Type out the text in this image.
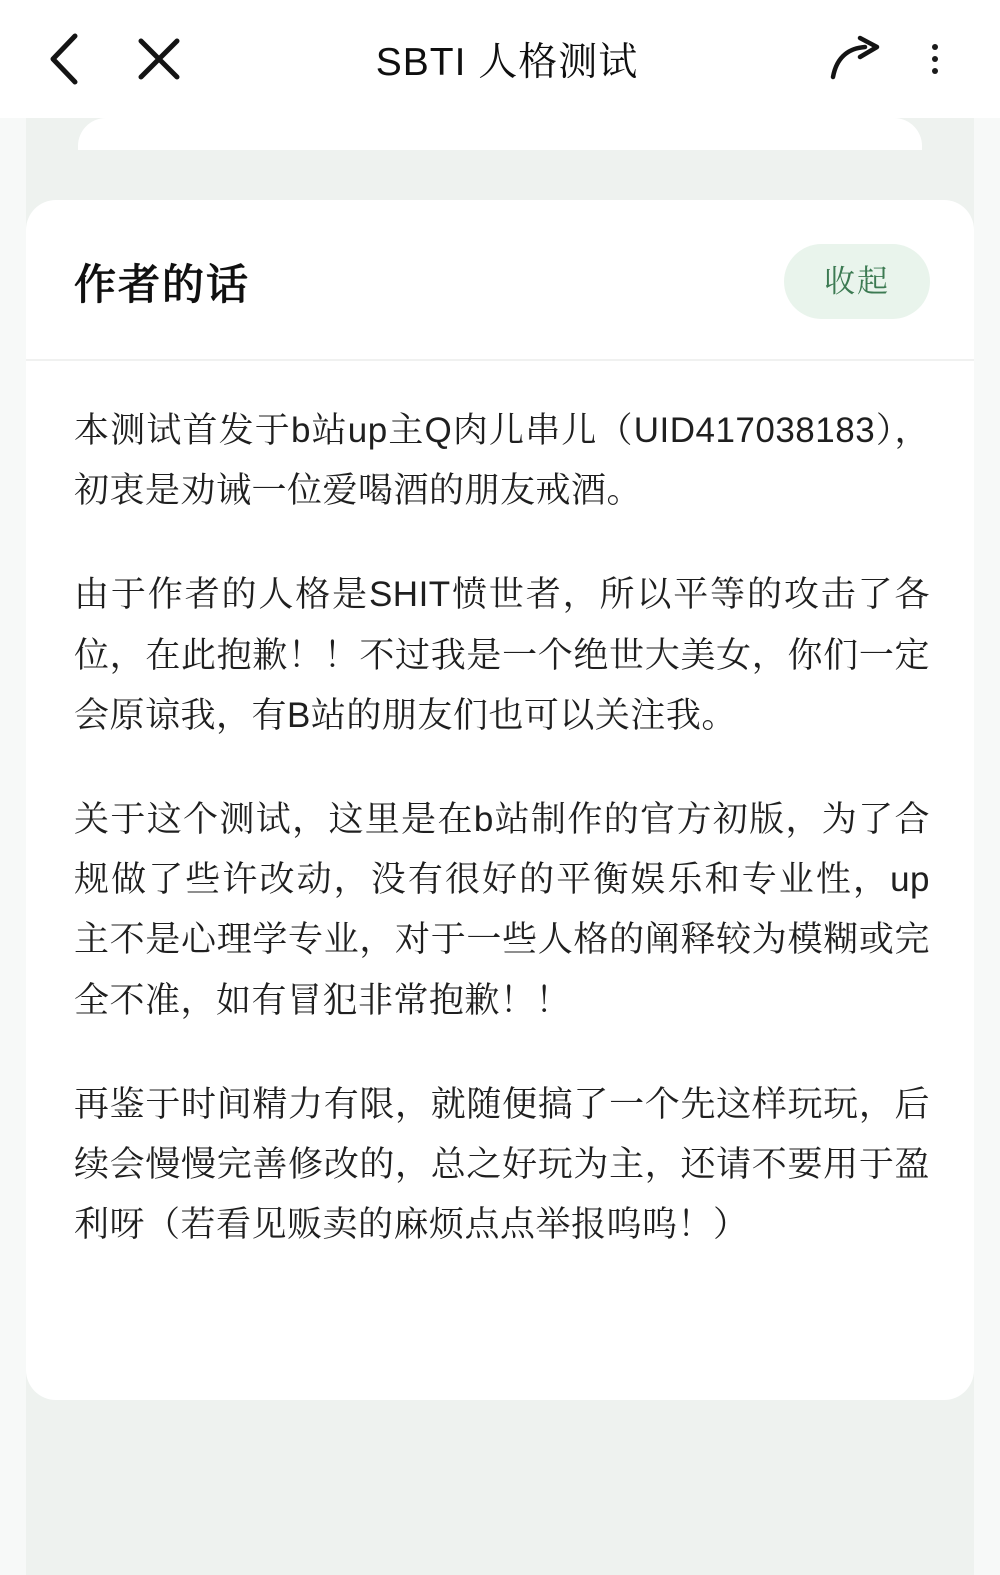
SBTI 人格测试
作者的话	收起

本测试首发于b站up主Q肉儿串儿（UID417038183），初衷是劝诫一位爱喝酒的朋友戒酒。

由于作者的人格是SHIT愤世者，所以平等的攻击了各位，在此抱歉！！不过我是一个绝世大美女，你们一定会原谅我，有B站的朋友们也可以关注我。

关于这个测试，这里是在b站制作的官方初版，为了合规做了些许改动，没有很好的平衡娱乐和专业性，up主不是心理学专业，对于一些人格的阐释较为模糊或完全不准，如有冒犯非常抱歉！！

再鉴于时间精力有限，就随便搞了一个先这样玩玩，后续会慢慢完善修改的，总之好玩为主，还请不要用于盈利呀（若看见贩卖的麻烦点点举报呜呜！）
